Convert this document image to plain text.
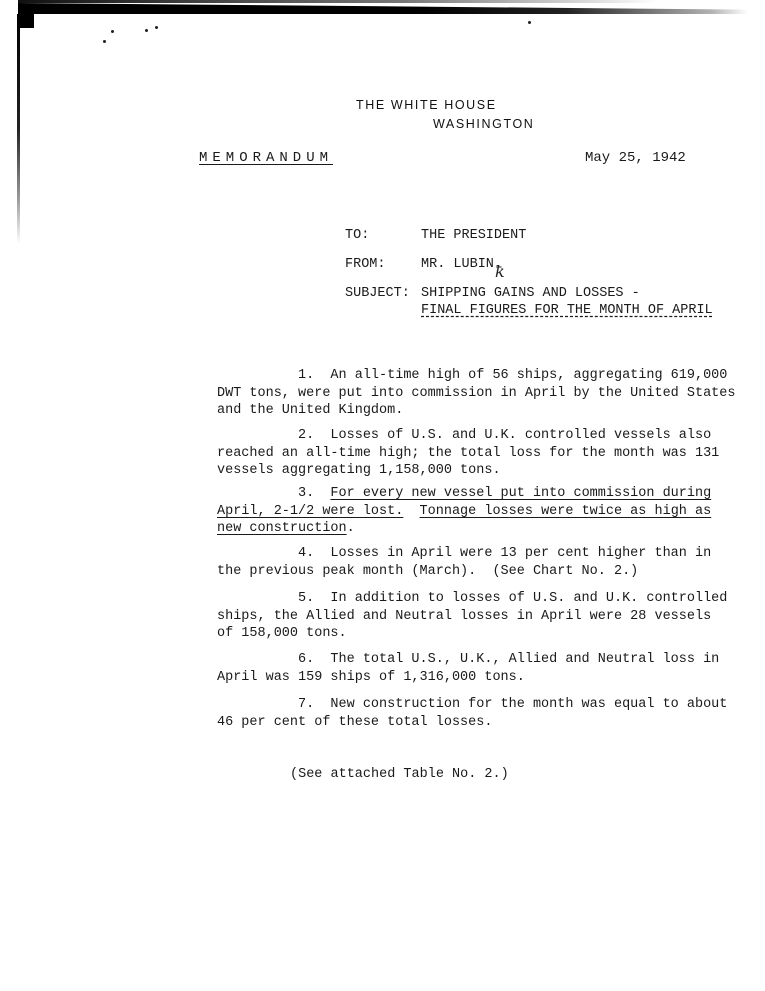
THE WHITE HOUSE
WASHINGTON
MEMORANDUM	May 25, 1942
TO:	THE PRESIDENT
FROM:	MR. LUBIN ꝁ
SUBJECT: SHIPPING GAINS AND LOSSES -
FINAL FIGURES FOR THE MONTH OF APRIL
1.  An all-time high of 56 ships, aggregating 619,000
DWT tons, were put into commission in April by the United States
and the United Kingdom.
2.  Losses of U.S. and U.K. controlled vessels also
reached an all-time high; the total loss for the month was 131
vessels aggregating 1,158,000 tons.
3.  For every new vessel put into commission during
April, 2-1/2 were lost. Tonnage losses were twice as high as
new construction.
4.  Losses in April were 13 per cent higher than in
the previous peak month (March).  (See Chart No. 2.)
5.  In addition to losses of U.S. and U.K. controlled
ships, the Allied and Neutral losses in April were 28 vessels
of 158,000 tons.
6.  The total U.S., U.K., Allied and Neutral loss in
April was 159 ships of 1,316,000 tons.
7.  New construction for the month was equal to about
46 per cent of these total losses.
(See attached Table No. 2.)
